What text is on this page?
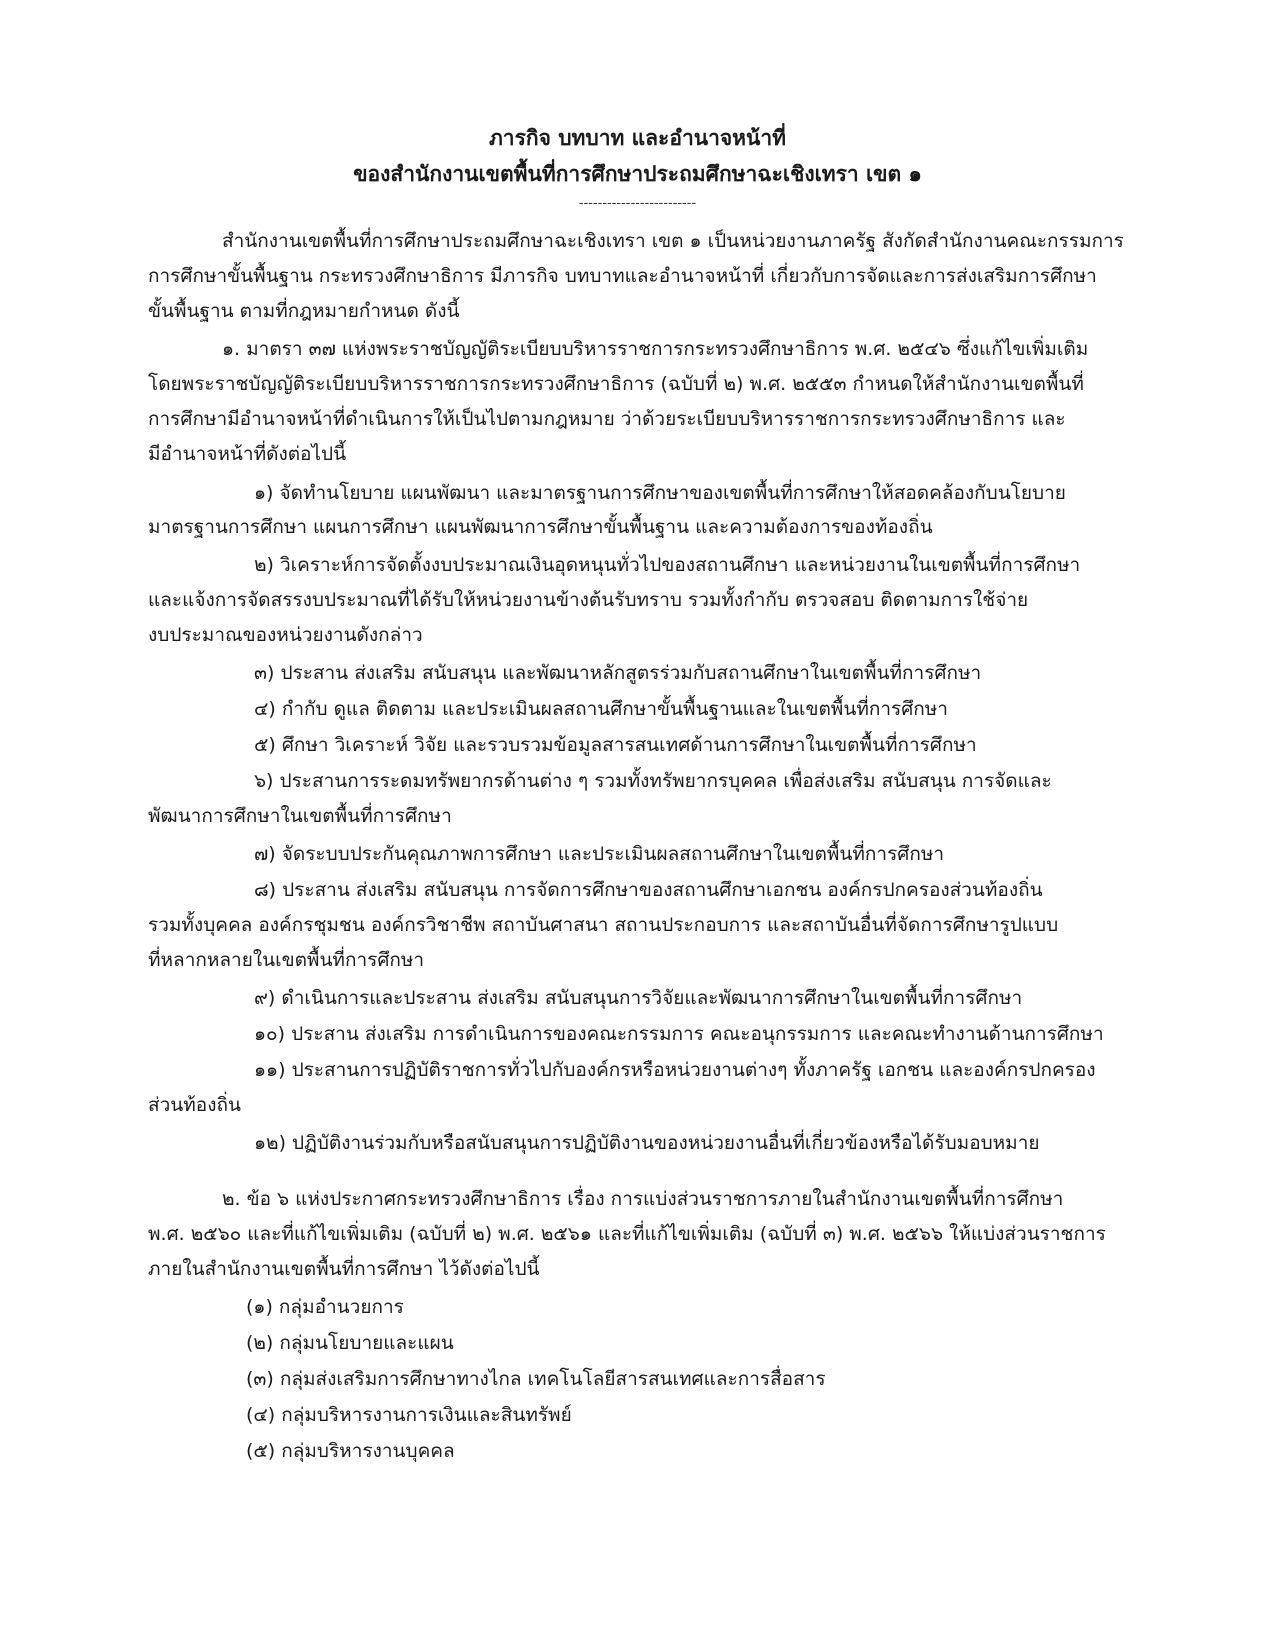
ภารกิจ บทบาท และอำนาจหน้าที่
ของสำนักงานเขตพื้นที่การศึกษาประถมศึกษาฉะเชิงเทรา เขต ๑
-------------------------
สำนักงานเขตพื้นที่การศึกษาประถมศึกษาฉะเชิงเทรา เขต ๑ เป็นหน่วยงานภาครัฐ สังกัดสำนักงานคณะกรรมการ
การศึกษาขั้นพื้นฐาน กระทรวงศึกษาธิการ มีภารกิจ บทบาทและอำนาจหน้าที่ เกี่ยวกับการจัดและการส่งเสริมการศึกษา
ขั้นพื้นฐาน ตามที่กฎหมายกำหนด ดังนี้
๑. มาตรา ๓๗ แห่งพระราชบัญญัติระเบียบบริหารราชการกระทรวงศึกษาธิการ พ.ศ. ๒๕๔๖ ซึ่งแก้ไขเพิ่มเติม
โดยพระราชบัญญัติระเบียบบริหารราชการกระทรวงศึกษาธิการ (ฉบับที่ ๒) พ.ศ. ๒๕๕๓ กำหนดให้สำนักงานเขตพื้นที่
การศึกษามีอำนาจหน้าที่ดำเนินการให้เป็นไปตามกฎหมาย ว่าด้วยระเบียบบริหารราชการกระทรวงศึกษาธิการ และ
มีอำนาจหน้าที่ดังต่อไปนี้
๑) จัดทำนโยบาย แผนพัฒนา และมาตรฐานการศึกษาของเขตพื้นที่การศึกษาให้สอดคล้องกับนโยบาย
มาตรฐานการศึกษา แผนการศึกษา แผนพัฒนาการศึกษาขั้นพื้นฐาน และความต้องการของท้องถิ่น
๒) วิเคราะห์การจัดตั้งงบประมาณเงินอุดหนุนทั่วไปของสถานศึกษา และหน่วยงานในเขตพื้นที่การศึกษา
และแจ้งการจัดสรรงบประมาณที่ได้รับให้หน่วยงานข้างต้นรับทราบ รวมทั้งกำกับ ตรวจสอบ ติดตามการใช้จ่าย
งบประมาณของหน่วยงานดังกล่าว
๓) ประสาน ส่งเสริม สนับสนุน และพัฒนาหลักสูตรร่วมกับสถานศึกษาในเขตพื้นที่การศึกษา
๔) กำกับ ดูแล ติดตาม และประเมินผลสถานศึกษาขั้นพื้นฐานและในเขตพื้นที่การศึกษา
๕) ศึกษา วิเคราะห์ วิจัย และรวบรวมข้อมูลสารสนเทศด้านการศึกษาในเขตพื้นที่การศึกษา
๖) ประสานการระดมทรัพยากรด้านต่าง ๆ รวมทั้งทรัพยากรบุคคล เพื่อส่งเสริม สนับสนุน การจัดและ
พัฒนาการศึกษาในเขตพื้นที่การศึกษา
๗) จัดระบบประกันคุณภาพการศึกษา และประเมินผลสถานศึกษาในเขตพื้นที่การศึกษา
๘) ประสาน ส่งเสริม สนับสนุน การจัดการศึกษาของสถานศึกษาเอกชน องค์กรปกครองส่วนท้องถิ่น
รวมทั้งบุคคล องค์กรชุมชน องค์กรวิชาชีพ สถาบันศาสนา สถานประกอบการ และสถาบันอื่นที่จัดการศึกษารูปแบบ
ที่หลากหลายในเขตพื้นที่การศึกษา
๙) ดำเนินการและประสาน ส่งเสริม สนับสนุนการวิจัยและพัฒนาการศึกษาในเขตพื้นที่การศึกษา
๑๐) ประสาน ส่งเสริม การดำเนินการของคณะกรรมการ คณะอนุกรรมการ และคณะทำงานด้านการศึกษา
๑๑) ประสานการปฏิบัติราชการทั่วไปกับองค์กรหรือหน่วยงานต่างๆ ทั้งภาครัฐ เอกชน และองค์กรปกครอง
ส่วนท้องถิ่น
๑๒) ปฏิบัติงานร่วมกับหรือสนับสนุนการปฏิบัติงานของหน่วยงานอื่นที่เกี่ยวข้องหรือได้รับมอบหมาย
๒. ข้อ ๖ แห่งประกาศกระทรวงศึกษาธิการ เรื่อง การแบ่งส่วนราชการภายในสำนักงานเขตพื้นที่การศึกษา
พ.ศ. ๒๕๖๐ และที่แก้ไขเพิ่มเติม (ฉบับที่ ๒) พ.ศ. ๒๕๖๑ และที่แก้ไขเพิ่มเติม (ฉบับที่ ๓) พ.ศ. ๒๕๖๖ ให้แบ่งส่วนราชการ
ภายในสำนักงานเขตพื้นที่การศึกษา ไว้ดังต่อไปนี้
(๑) กลุ่มอำนวยการ
(๒) กลุ่มนโยบายและแผน
(๓) กลุ่มส่งเสริมการศึกษาทางไกล เทคโนโลยีสารสนเทศและการสื่อสาร
(๔) กลุ่มบริหารงานการเงินและสินทรัพย์
(๕) กลุ่มบริหารงานบุคคล
